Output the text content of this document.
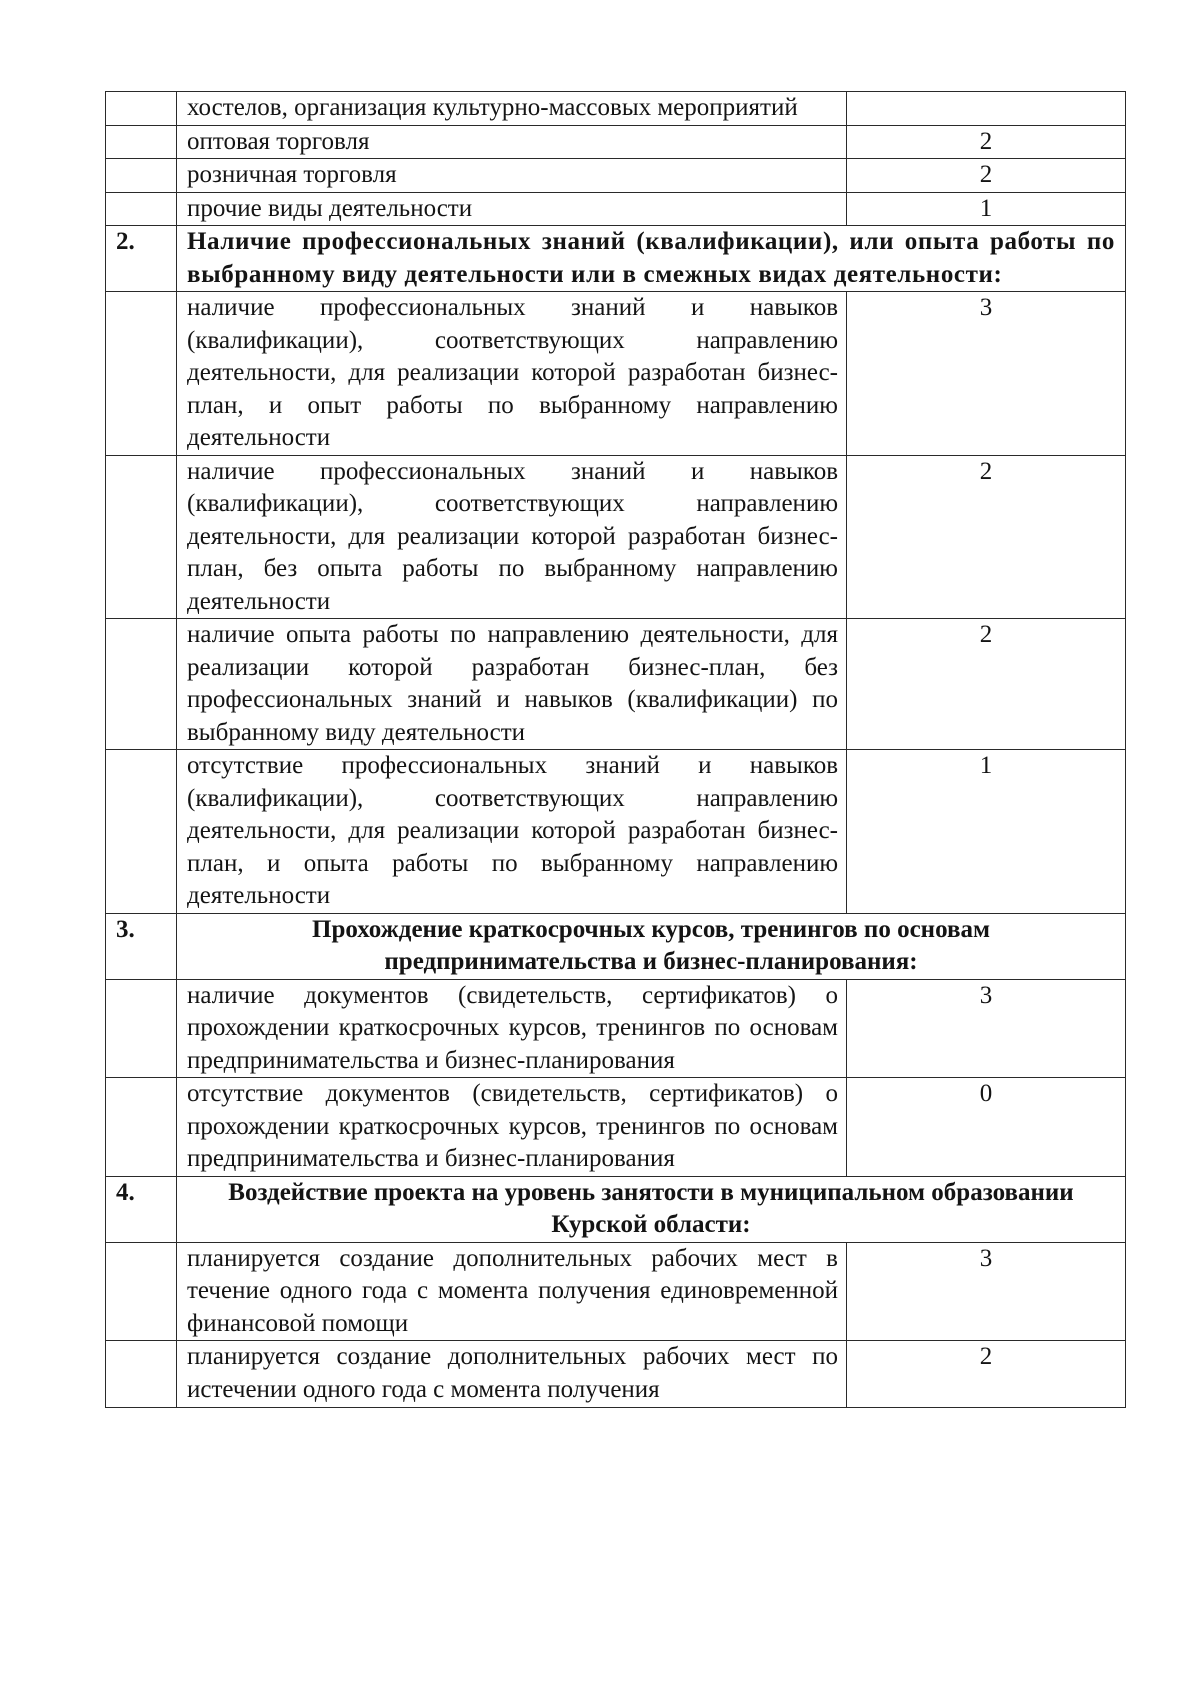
	хостелов, организация культурно-массовых мероприятий	
	оптовая торговля	2
	розничная торговля	2
	прочие виды деятельности	1
2.	Наличие профессиональных знаний (квалификации), или опыта работы по выбранному виду деятельности или в смежных видах деятельности:	
	наличие профессиональных знаний и навыков (квалификации), соответствующих направлению деятельности, для реализации которой разработан бизнес-план, и опыт работы по выбранному направлению деятельности	3
	наличие профессиональных знаний и навыков (квалификации), соответствующих направлению деятельности, для реализации которой разработан бизнес-план, без опыта работы по выбранному направлению деятельности	2
	наличие опыта работы по направлению деятельности, для реализации которой разработан бизнес-план, без профессиональных знаний и навыков (квалификации) по выбранному виду деятельности	2
	отсутствие профессиональных знаний и навыков (квалификации), соответствующих направлению деятельности, для реализации которой разработан бизнес-план, и опыта работы по выбранному направлению деятельности	1
3.	Прохождение краткосрочных курсов, тренингов по основам предпринимательства и бизнес-планирования:	
	наличие документов (свидетельств, сертификатов) о прохождении краткосрочных курсов, тренингов по основам предпринимательства и бизнес-планирования	3
	отсутствие документов (свидетельств, сертификатов) о прохождении краткосрочных курсов, тренингов по основам предпринимательства и бизнес-планирования	0
4.	Воздействие проекта на уровень занятости в муниципальном образовании Курской области:	
	планируется создание дополнительных рабочих мест в течение одного года с момента получения единовременной финансовой помощи	3

	планируется создание дополнительных рабочих мест по истечении одного года с момента получения	2
